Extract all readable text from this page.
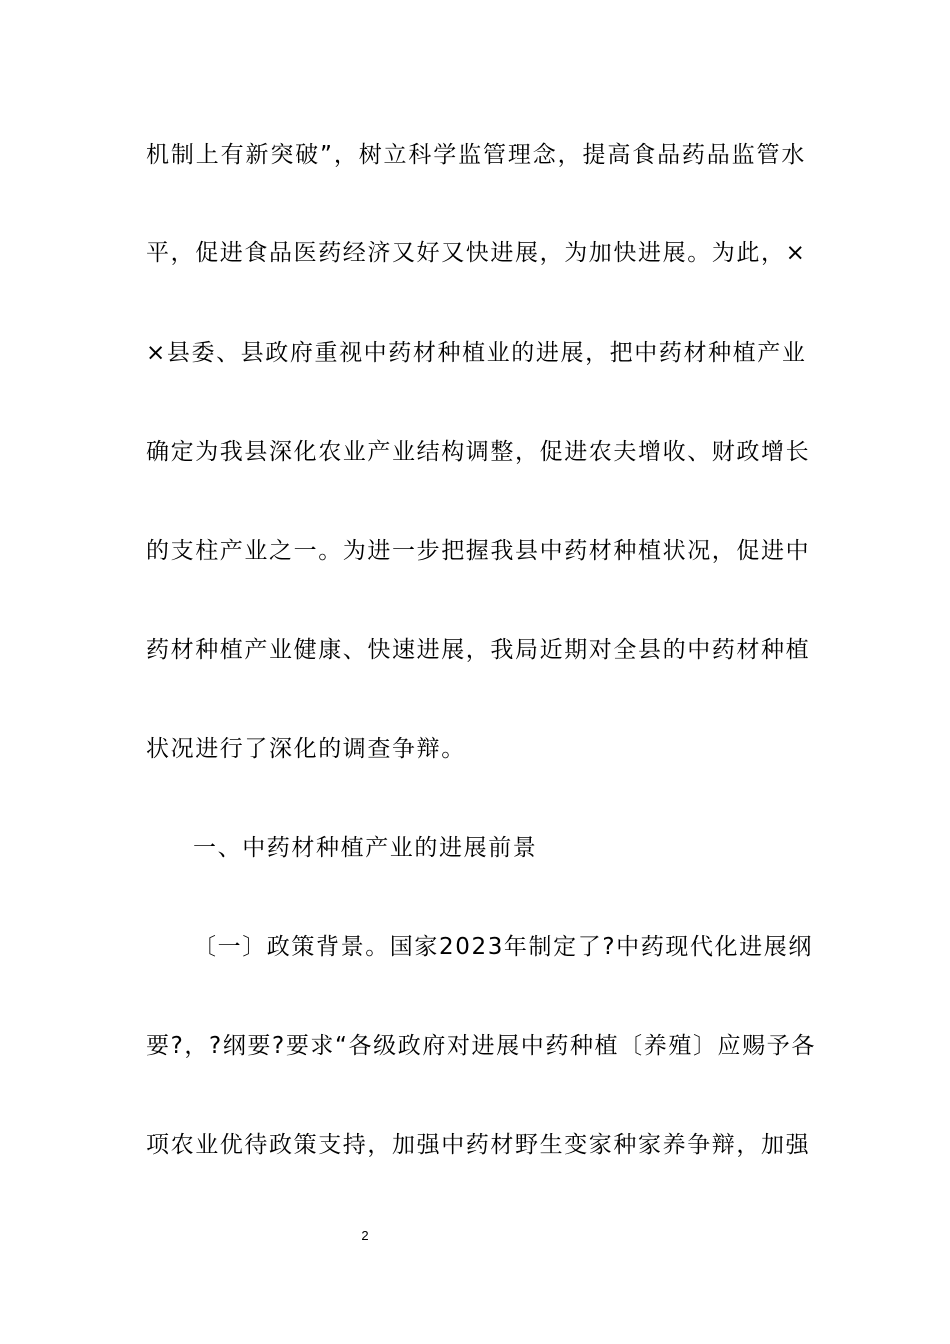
机制上有新突破”，树立科学监管理念，提高食品药品监管水
平，促进食品医药经济又好又快进展，为加快进展。为此，×
×县委、县政府重视中药材种植业的进展，把中药材种植产业
确定为我县深化农业产业结构调整，促进农夫增收、财政增长
的支柱产业之一。为进一步把握我县中药材种植状况，促进中
药材种植产业健康、快速进展，我局近期对全县的中药材种植
状况进行了深化的调查争辩。
一、中药材种植产业的进展前景
〔一〕政策背景。国家2023年制定了?中药现代化进展纲
要?，?纲要?要求“各级政府对进展中药种植〔养殖〕应赐予各
项农业优待政策支持，加强中药材野生变家种家养争辩，加强
2
